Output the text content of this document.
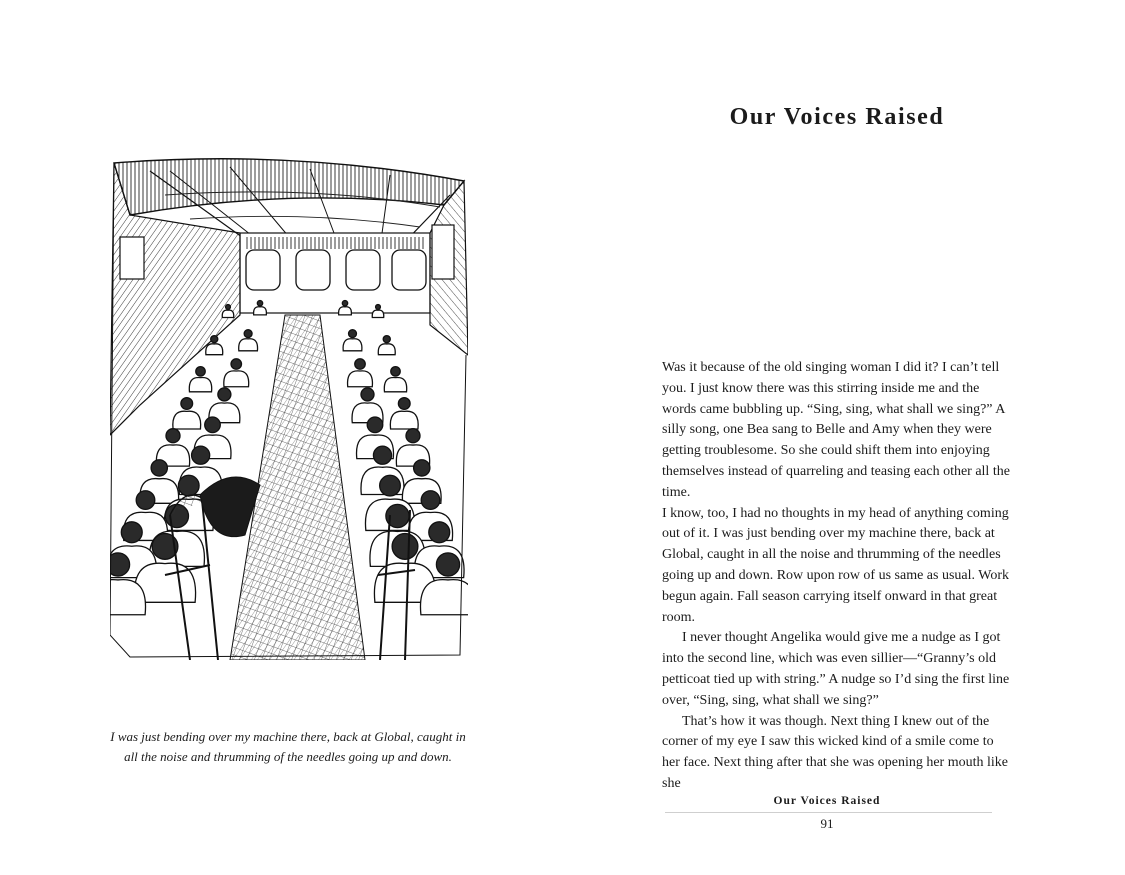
I was just bending over my machine there, back at Global, caught in all the noise and thrumming of the needles going up and down.
Our Voices Raised

Was it because of the old singing woman I did it? I can’t tell you. I just know there was this stirring inside me and the words came bubbling up. “Sing, sing, what shall we sing?” A silly song, one Bea sang to Belle and Amy when they were getting troublesome. So she could shift them into enjoying themselves instead of quarreling and teasing each other all the time.

I know, too, I had no thoughts in my head of anything coming out of it. I was just bending over my machine there, back at Global, caught in all the noise and thrumming of the needles going up and down. Row upon row of us same as usual. Work begun again. Fall season carrying itself onward in that great room.

I never thought Angelika would give me a nudge as I got into the second line, which was even sillier—“Granny’s old petticoat tied up with string.” A nudge so I’d sing the first line over, “Sing, sing, what shall we sing?”

That’s how it was though. Next thing I knew out of the corner of my eye I saw this wicked kind of a smile come to her face. Next thing after that she was opening her mouth like she

Our Voices Raised
91
